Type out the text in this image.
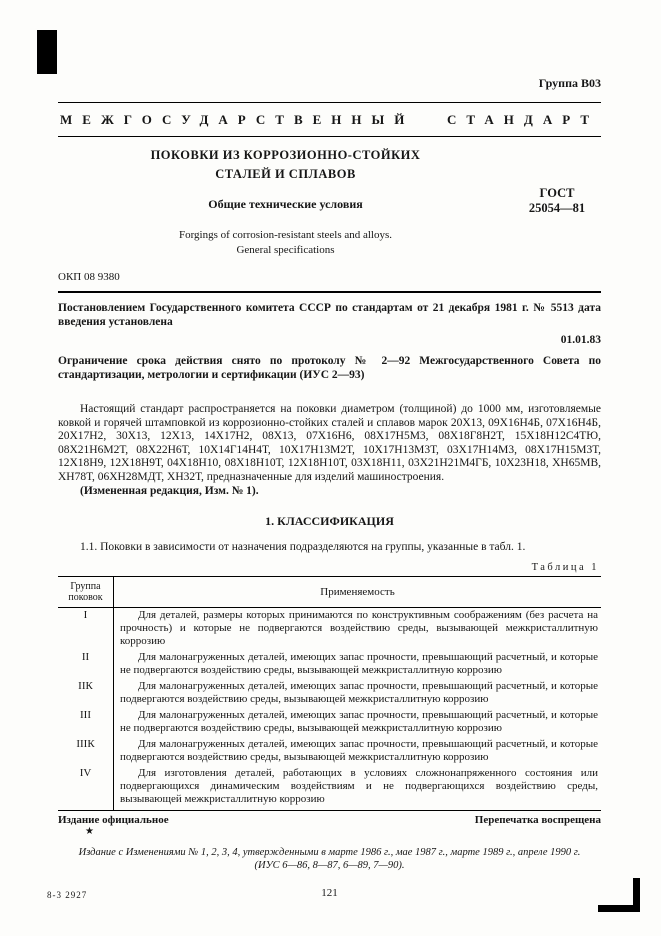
Группа В03
МЕЖГОСУДАРСТВЕННЫЙ	СТАНДАРТ
ПОКОВКИ ИЗ КОРРОЗИОННО-СТОЙКИХ
СТАЛЕЙ И СПЛАВОВ
Общие технические условия
Forgings of corrosion-resistant steels and alloys.
General specifications
ГОСТ
25054—81
ОКП 08 9380
Постановлением Государственного комитета СССР по стандартам от 21 декабря 1981 г. № 5513 дата введения установлена
01.01.83
Ограничение срока действия снято по протоколу № 2—92 Межгосударственного Совета по стандартизации, метрологии и сертификации (ИУС 2—93)
Настоящий стандарт распространяется на поковки диаметром (толщиной) до 1000 мм, изготовляемые ковкой и горячей штамповкой из коррозионно-стойких сталей и сплавов марок 20X13, 09X16Н4Б, 07X16Н4Б, 20X17Н2, 30X13, 12X13, 14X17Н2, 08X13, 07X16Н6, 08X17Н5М3, 08X18Г8Н2Т, 15X18Н12С4ТЮ, 08X21Н6М2Т, 08X22Н6Т, 10X14Г14Н4Т, 10X17Н13М2Т, 10X17Н13М3Т, 03X17Н14М3, 08X17Н15М3Т, 12X18Н9, 12X18Н9Т, 04X18Н10, 08X18Н10Т, 12X18Н10Т, 03X18Н11, 03X21Н21М4ГБ, 10X23Н18, ХН65МВ, ХН78Т, 06ХН28МДТ, ХН32Т, предназначенные для изделий машиностроения.
(Измененная редакция, Изм. № 1).
1. КЛАССИФИКАЦИЯ
1.1. Поковки в зависимости от назначения подразделяются на группы, указанные в табл. 1.
Таблица 1
Группа
поковок	Применяемость
I	Для деталей, размеры которых принимаются по конструктивным соображениям (без расчета на прочность) и которые не подвергаются воздействию среды, вызывающей межкристаллитную коррозию
II	Для малонагруженных деталей, имеющих запас прочности, превышающий расчетный, и которые не подвергаются воздействию среды, вызывающей межкристаллитную коррозию
IIК	Для малонагруженных деталей, имеющих запас прочности, превышающий расчетный, и которые подвергаются воздействию среды, вызывающей межкристаллитную коррозию
III	Для малонагруженных деталей, имеющих запас прочности, превышающий расчетный, и которые не подвергаются воздействию среды, вызывающей межкристаллитную коррозию
IIIК	Для малонагруженных деталей, имеющих запас прочности, превышающий расчетный, и которые подвергаются воздействию среды, вызывающей межкристаллитную коррозию
IV	Для изготовления деталей, работающих в условиях сложнонапряженного состояния или подвергающихся динамическим воздействиям и не подвергающихся воздействию среды, вызывающей межкристаллитную коррозию
Издание официальное	Перепечатка воспрещена
★
Издание с Изменениями № 1, 2, 3, 4, утвержденными в марте 1986 г., мае 1987 г., марте 1989 г., апреле 1990 г.
(ИУС 6—86, 8—87, 6—89, 7—90).
8-3 2927	121
